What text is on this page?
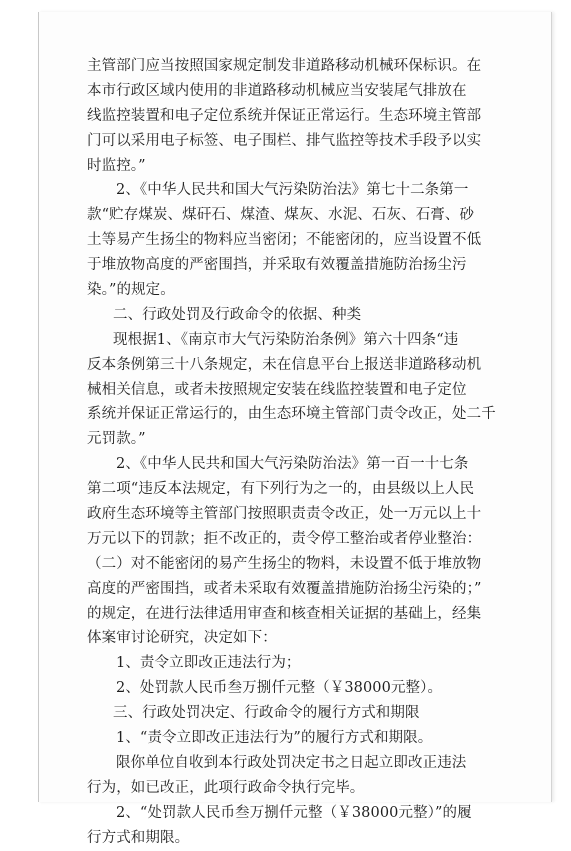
主管部门应当按照国家规定制发非道路移动机械环保标识。在
本市行政区域内使用的非道路移动机械应当安装尾气排放在
线监控装置和电子定位系统并保证正常运行。生态环境主管部
门可以采用电子标签、电子围栏、排气监控等技术手段予以实
时监控。”
2、《中华人民共和国大气污染防治法》第七十二条第一
款“贮存煤炭、煤矸石、煤渣、煤灰、水泥、石灰、石膏、砂
土等易产生扬尘的物料应当密闭；不能密闭的，应当设置不低
于堆放物高度的严密围挡，并采取有效覆盖措施防治扬尘污
染。”的规定。
二、行政处罚及行政命令的依据、种类
现根据1、《南京市大气污染防治条例》第六十四条“违
反本条例第三十八条规定，未在信息平台上报送非道路移动机
械相关信息，或者未按照规定安装在线监控装置和电子定位
系统并保证正常运行的，由生态环境主管部门责令改正，处二千
元罚款。”
2、《中华人民共和国大气污染防治法》第一百一十七条
第二项“违反本法规定，有下列行为之一的，由县级以上人民
政府生态环境等主管部门按照职责责令改正，处一万元以上十
万元以下的罚款；拒不改正的，责令停工整治或者停业整治：
（二）对不能密闭的易产生扬尘的物料，未设置不低于堆放物
高度的严密围挡，或者未采取有效覆盖措施防治扬尘污染的；”
的规定，在进行法律适用审查和核查相关证据的基础上，经集
体案审讨论研究，决定如下：
1、责令立即改正违法行为；
2、处罚款人民币叁万捌仟元整（￥38000元整）。
三、行政处罚决定、行政命令的履行方式和期限
1、“责令立即改正违法行为”的履行方式和期限。
限你单位自收到本行政处罚决定书之日起立即改正违法
行为，如已改正，此项行政命令执行完毕。
2、“处罚款人民币叁万捌仟元整（￥38000元整）”的履
行方式和期限。
